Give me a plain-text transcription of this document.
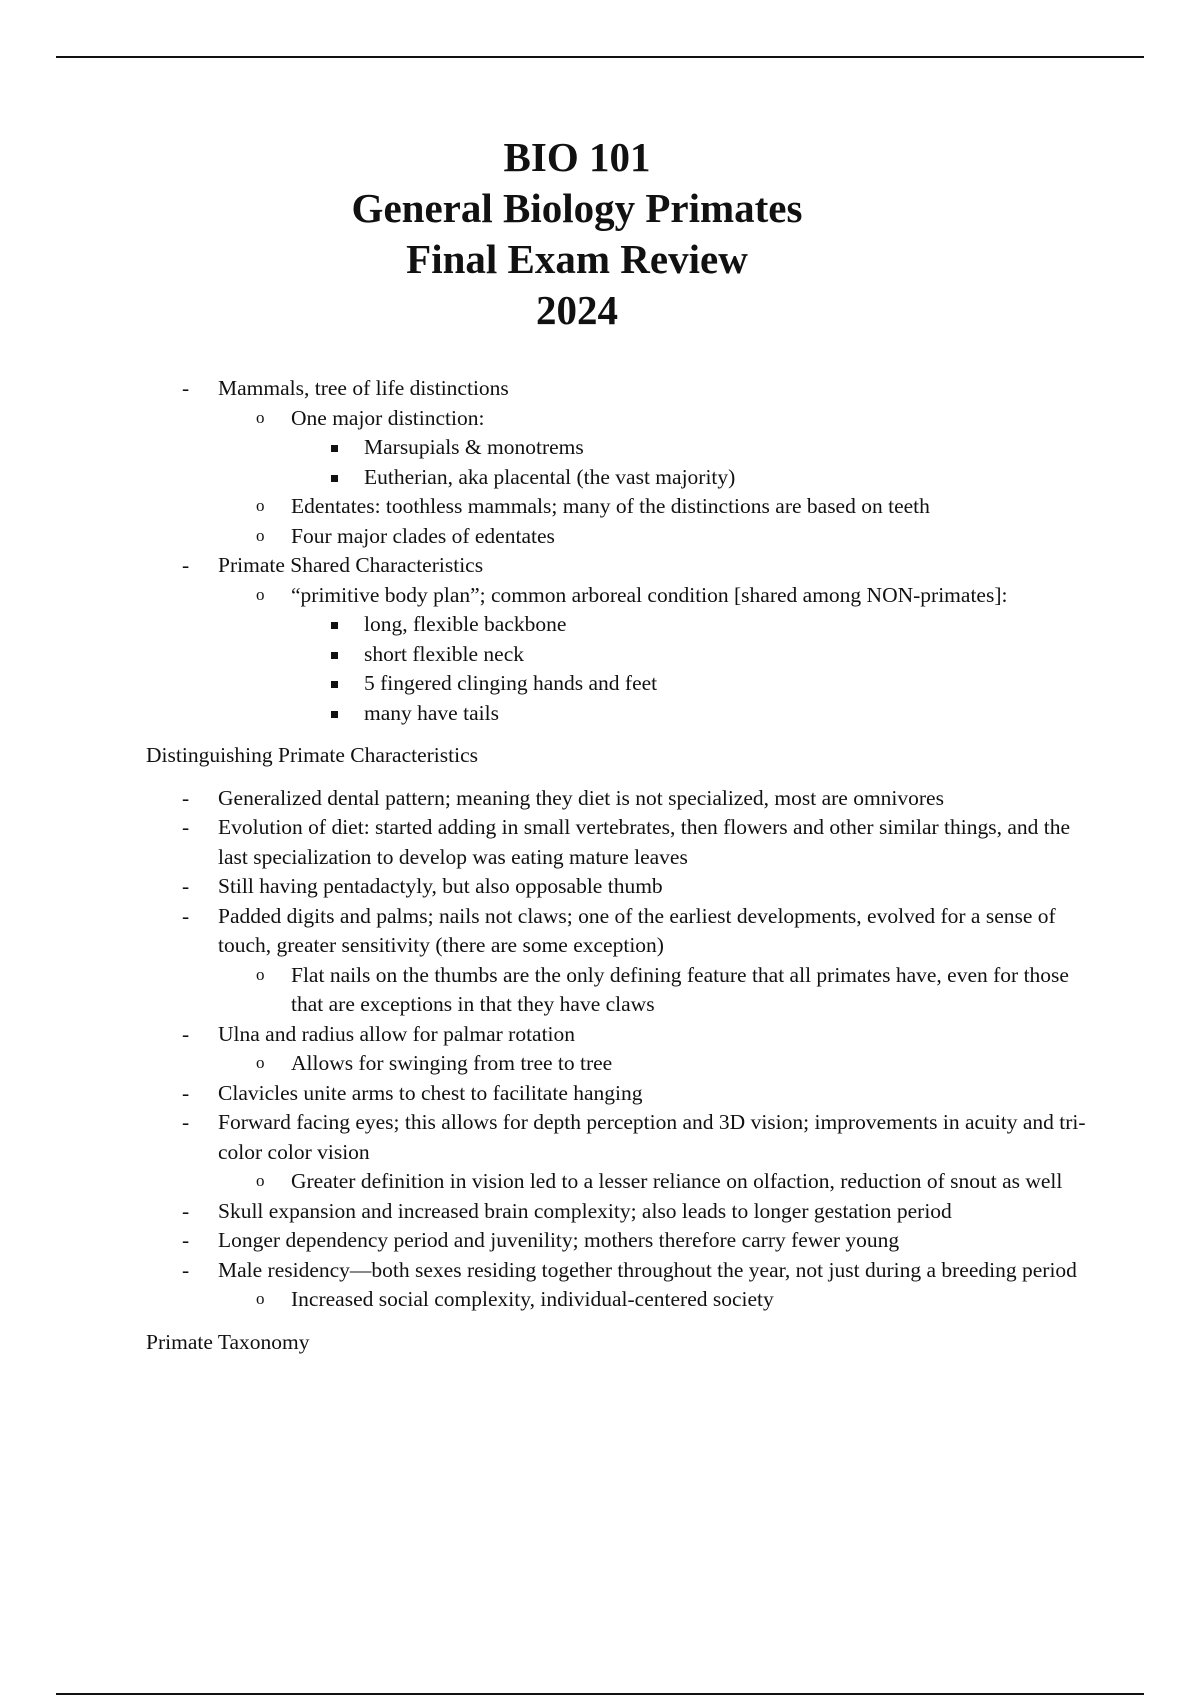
BIO 101
General Biology Primates
Final Exam Review
2024
- Mammals, tree of life distinctions
o One major distinction:
Marsupials & monotrems
Eutherian, aka placental (the vast majority)
o Edentates: toothless mammals; many of the distinctions are based on teeth
o Four major clades of edentates
- Primate Shared Characteristics
o “primitive body plan”; common arboreal condition [shared among NON-primates]:
long, flexible backbone
short flexible neck
5 fingered clinging hands and feet
many have tails
Distinguishing Primate Characteristics
- Generalized dental pattern; meaning they diet is not specialized, most are omnivores
- Evolution of diet: started adding in small vertebrates, then flowers and other similar things, and the last specialization to develop was eating mature leaves
- Still having pentadactyly, but also opposable thumb
- Padded digits and palms; nails not claws; one of the earliest developments, evolved for a sense of touch, greater sensitivity (there are some exception)
o Flat nails on the thumbs are the only defining feature that all primates have, even for those that are exceptions in that they have claws
- Ulna and radius allow for palmar rotation
o Allows for swinging from tree to tree
- Clavicles unite arms to chest to facilitate hanging
- Forward facing eyes; this allows for depth perception and 3D vision; improvements in acuity and tri-color color vision
o Greater definition in vision led to a lesser reliance on olfaction, reduction of snout as well
- Skull expansion and increased brain complexity; also leads to longer gestation period
- Longer dependency period and juvenility; mothers therefore carry fewer young
- Male residency—both sexes residing together throughout the year, not just during a breeding period
o Increased social complexity, individual-centered society
Primate Taxonomy
